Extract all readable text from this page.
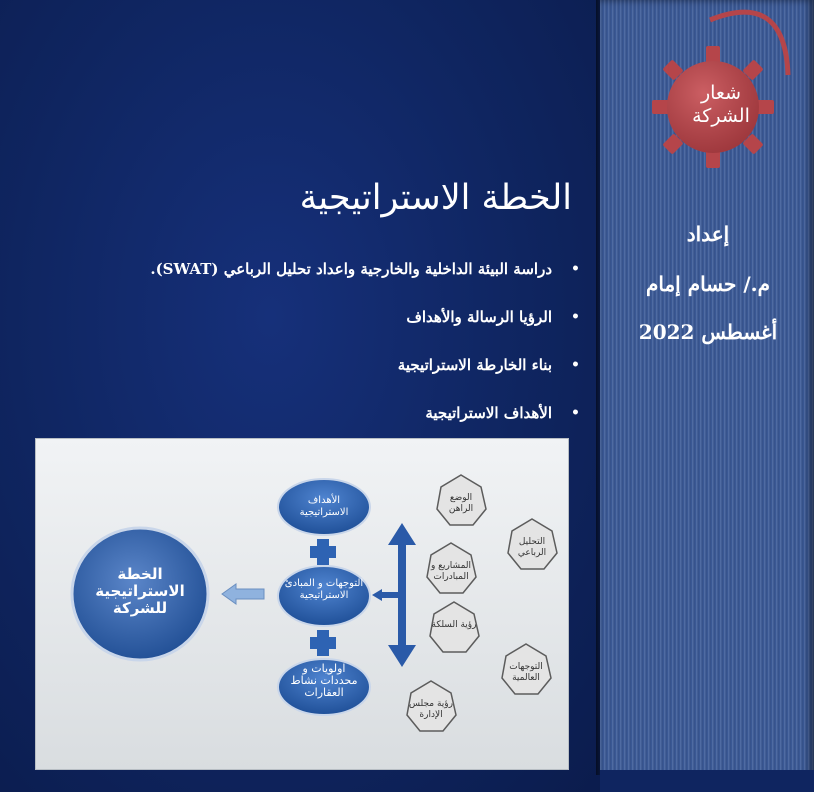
شعار
الشركة
إعداد
م./ حسام إمام
أغسطس 2022
الخطة الاستراتيجية
•
دراسة البيئة الداخلية والخارجية واعداد تحليل الرباعي (SWAT).
•
الرؤيا الرسالة والأهداف
•
بناء الخارطة الاستراتيجية
•
الأهداف الاستراتيجية
الخطة الاستراتيجية للشركة
الأهداف الاستراتيجية
التوجهات و المبادئ الاستراتيجية
اولويات و محددات نشاط العقارات
الوضع الراهن
التحليل الرباعي
المشاريع و المبادرات
رؤية السلكة
التوجهات العالمية
رؤية مجلس الإدارة
